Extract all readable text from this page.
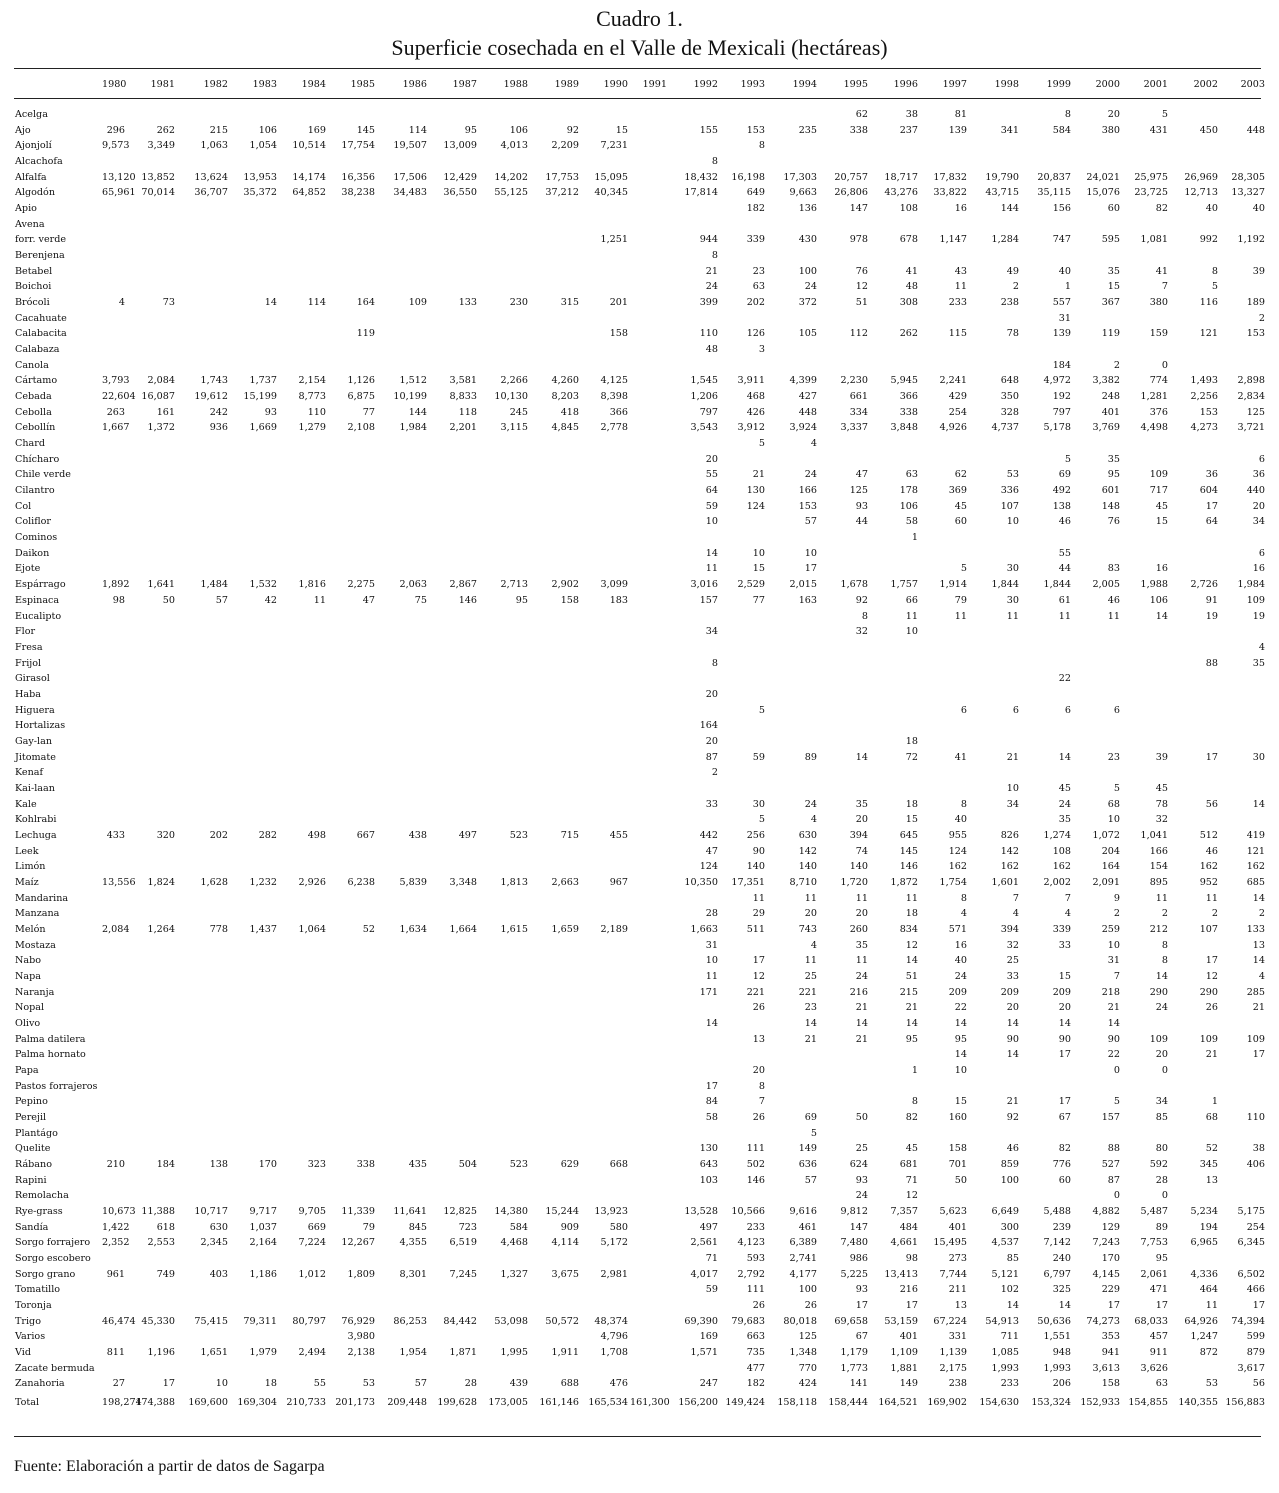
Cuadro 1.
Superficie cosechada en el Valle de Mexicali (hectáreas)
	1980	1981	1982	1983	1984	1985	1986	1987	1988	1989	1990	1991	1992	1993	1994	1995	1996	1997	1998	1999	2000	2001	2002	2003

Acelga																62	38	81		8	20	5		
Ajo	296	262	215	106	169	145	114	95	106	92	15		155	153	235	338	237	139	341	584	380	431	450	448
Ajonjolí	9,573	3,349	1,063	1,054	10,514	17,754	19,507	13,009	4,013	2,209	7,231			8										
Alcachofa													8											
Alfalfa	13,120	13,852	13,624	13,953	14,174	16,356	17,506	12,429	14,202	17,753	15,095		18,432	16,198	17,303	20,757	18,717	17,832	19,790	20,837	24,021	25,975	26,969	28,305
Algodón	65,961	70,014	36,707	35,372	64,852	38,238	34,483	36,550	55,125	37,212	40,345		17,814	649	9,663	26,806	43,276	33,822	43,715	35,115	15,076	23,725	12,713	13,327
Apio														182	136	147	108	16	144	156	60	82	40	40
Avena																								
forr. verde											1,251		944	339	430	978	678	1,147	1,284	747	595	1,081	992	1,192
Berenjena													8											
Betabel													21	23	100	76	41	43	49	40	35	41	8	39
Boichoi													24	63	24	12	48	11	2	1	15	7	5	
Brócoli	4	73		14	114	164	109	133	230	315	201		399	202	372	51	308	233	238	557	367	380	116	189
Cacahuate																				31				2
Calabacita						119					158		110	126	105	112	262	115	78	139	119	159	121	153
Calabaza													48	3										
Canola																				184	2	0		
Cártamo	3,793	2,084	1,743	1,737	2,154	1,126	1,512	3,581	2,266	4,260	4,125		1,545	3,911	4,399	2,230	5,945	2,241	648	4,972	3,382	774	1,493	2,898
Cebada	22,604	16,087	19,612	15,199	8,773	6,875	10,199	8,833	10,130	8,203	8,398		1,206	468	427	661	366	429	350	192	248	1,281	2,256	2,834
Cebolla	263	161	242	93	110	77	144	118	245	418	366		797	426	448	334	338	254	328	797	401	376	153	125
Cebollín	1,667	1,372	936	1,669	1,279	2,108	1,984	2,201	3,115	4,845	2,778		3,543	3,912	3,924	3,337	3,848	4,926	4,737	5,178	3,769	4,498	4,273	3,721
Chard														5	4									
Chícharo													20							5	35			6
Chile verde													55	21	24	47	63	62	53	69	95	109	36	36
Cilantro													64	130	166	125	178	369	336	492	601	717	604	440
Col													59	124	153	93	106	45	107	138	148	45	17	20
Coliflor													10		57	44	58	60	10	46	76	15	64	34
Cominos																	1							
Daikon													14	10	10					55				6
Ejote													11	15	17			5	30	44	83	16		16
Espárrago	1,892	1,641	1,484	1,532	1,816	2,275	2,063	2,867	2,713	2,902	3,099		3,016	2,529	2,015	1,678	1,757	1,914	1,844	1,844	2,005	1,988	2,726	1,984
Espinaca	98	50	57	42	11	47	75	146	95	158	183		157	77	163	92	66	79	30	61	46	106	91	109
Eucalipto																8	11	11	11	11	11	14	19	19
Flor													34			32	10							
Fresa																								4
Frijol													8										88	35
Girasol																				22				
Haba													20											
Higuera														5				6	6	6	6			
Hortalizas													164											
Gay-lan													20				18							
Jitomate													87	59	89	14	72	41	21	14	23	39	17	30
Kenaf													2											
Kai-laan																			10	45	5	45		
Kale													33	30	24	35	18	8	34	24	68	78	56	14
Kohlrabi														5	4	20	15	40		35	10	32		
Lechuga	433	320	202	282	498	667	438	497	523	715	455		442	256	630	394	645	955	826	1,274	1,072	1,041	512	419
Leek													47	90	142	74	145	124	142	108	204	166	46	121
Limón													124	140	140	140	146	162	162	162	164	154	162	162
Maíz	13,556	1,824	1,628	1,232	2,926	6,238	5,839	3,348	1,813	2,663	967		10,350	17,351	8,710	1,720	1,872	1,754	1,601	2,002	2,091	895	952	685
Mandarina														11	11	11	11	8	7	7	9	11	11	14
Manzana													28	29	20	20	18	4	4	4	2	2	2	2
Melón	2,084	1,264	778	1,437	1,064	52	1,634	1,664	1,615	1,659	2,189		1,663	511	743	260	834	571	394	339	259	212	107	133
Mostaza													31		4	35	12	16	32	33	10	8		13
Nabo													10	17	11	11	14	40	25		31	8	17	14
Napa													11	12	25	24	51	24	33	15	7	14	12	4
Naranja													171	221	221	216	215	209	209	209	218	290	290	285
Nopal														26	23	21	21	22	20	20	21	24	26	21
Olivo													14		14	14	14	14	14	14	14			
Palma datilera														13	21	21	95	95	90	90	90	109	109	109
Palma hornato																		14	14	17	22	20	21	17
Papa														20			1	10			0	0		
Pastos forrajeros													17	8										
Pepino													84	7			8	15	21	17	5	34	1	
Perejil													58	26	69	50	82	160	92	67	157	85	68	110
Plantágo															5									
Quelite													130	111	149	25	45	158	46	82	88	80	52	38
Rábano	210	184	138	170	323	338	435	504	523	629	668		643	502	636	624	681	701	859	776	527	592	345	406
Rapini													103	146	57	93	71	50	100	60	87	28	13	
Remolacha																24	12				0	0		
Rye-grass	10,673	11,388	10,717	9,717	9,705	11,339	11,641	12,825	14,380	15,244	13,923		13,528	10,566	9,616	9,812	7,357	5,623	6,649	5,488	4,882	5,487	5,234	5,175
Sandía	1,422	618	630	1,037	669	79	845	723	584	909	580		497	233	461	147	484	401	300	239	129	89	194	254
Sorgo forrajero	2,352	2,553	2,345	2,164	7,224	12,267	4,355	6,519	4,468	4,114	5,172		2,561	4,123	6,389	7,480	4,661	15,495	4,537	7,142	7,243	7,753	6,965	6,345
Sorgo escobero													71	593	2,741	986	98	273	85	240	170	95		
Sorgo grano	961	749	403	1,186	1,012	1,809	8,301	7,245	1,327	3,675	2,981		4,017	2,792	4,177	5,225	13,413	7,744	5,121	6,797	4,145	2,061	4,336	6,502
Tomatillo													59	111	100	93	216	211	102	325	229	471	464	466
Toronja														26	26	17	17	13	14	14	17	17	11	17
Trigo	46,474	45,330	75,415	79,311	80,797	76,929	86,253	84,442	53,098	50,572	48,374		69,390	79,683	80,018	69,658	53,159	67,224	54,913	50,636	74,273	68,033	64,926	74,394
Varios						3,980					4,796		169	663	125	67	401	331	711	1,551	353	457	1,247	599
Vid	811	1,196	1,651	1,979	2,494	2,138	1,954	1,871	1,995	1,911	1,708		1,571	735	1,348	1,179	1,109	1,139	1,085	948	941	911	872	879
Zacate bermuda														477	770	1,773	1,881	2,175	1,993	1,993	3,613	3,626		3,617
Zanahoria	27	17	10	18	55	53	57	28	439	688	476		247	182	424	141	149	238	233	206	158	63	53	56
Total	198,274	174,388	169,600	169,304	210,733	201,173	209,448	199,628	173,005	161,146	165,534	161,300	156,200	149,424	158,118	158,444	164,521	169,902	154,630	153,324	152,933	154,855	140,355	156,883
Fuente: Elaboración a partir de datos de Sagarpa
